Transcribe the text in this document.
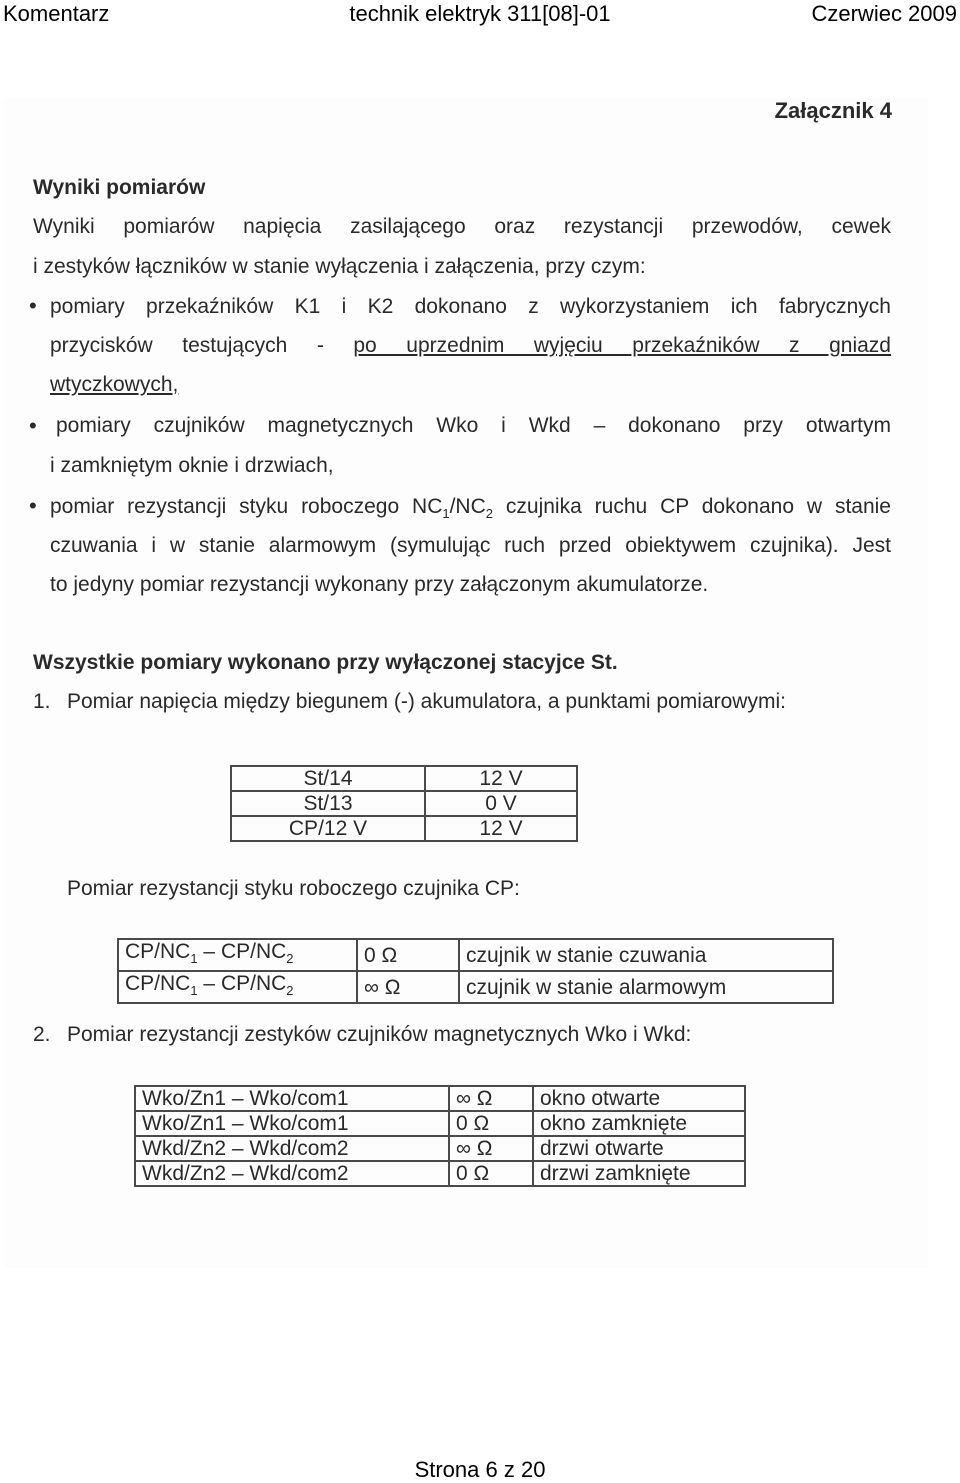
technik elektryk 311[08]-01
Komentarz	Czerwiec 2009
Załącznik 4
Wyniki pomiarów
Wyniki pomiarów napięcia zasilającego oraz rezystancji przewodów, cewek
i zestyków łączników w stanie wyłączenia i załączenia, przy czym:
• pomiary przekaźników K1 i K2 dokonano z wykorzystaniem ich fabrycznych
przycisków testujących - po uprzednim wyjęciu przekaźników z gniazd
wtyczkowych,
• pomiary czujników magnetycznych Wko i Wkd – dokonano przy otwartym
i zamkniętym oknie i drzwiach,
• pomiar rezystancji styku roboczego $NC_1/NC_2$ czujnika ruchu CP dokonano w stanie
czuwania i w stanie alarmowym (symulując ruch przed obiektywem czujnika). Jest
to jedyny pomiar rezystancji wykonany przy załączonym akumulatorze.
Wszystkie pomiary wykonano przy wyłączonej stacyjce St.
1. Pomiar napięcia między biegunem (-) akumulatora, a punktami pomiarowymi:
St/14	12 V
St/13	0 V
CP/12 V	12 V
Pomiar rezystancji styku roboczego czujnika CP:
$CP/NC_1 - CP/NC_2$	0 Ω	czujnik w stanie czuwania
$CP/NC_1 - CP/NC_2$	∞ Ω	czujnik w stanie alarmowym
2. Pomiar rezystancji zestyków czujników magnetycznych Wko i Wkd:
Wko/Zn1 – Wko/com1	∞ Ω	okno otwarte
Wko/Zn1 – Wko/com1	0 Ω	okno zamknięte
Wkd/Zn2 – Wkd/com2	∞ Ω	drzwi otwarte
Wkd/Zn2 – Wkd/com2	0 Ω	drzwi zamknięte
Strona 6 z 20
